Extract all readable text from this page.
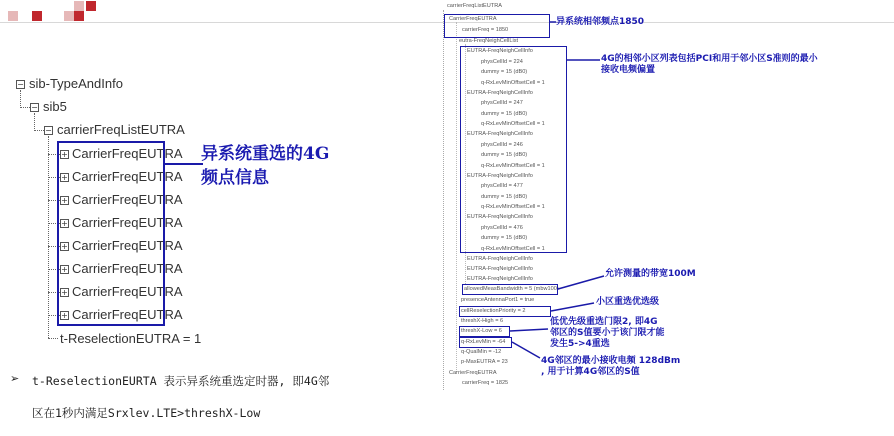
− sib-TypeAndInfo
− sib5
− carrierFreqListEUTRA
+ CarrierFreqEUTRA
+ CarrierFreqEUTRA
+ CarrierFreqEUTRA
+ CarrierFreqEUTRA
+ CarrierFreqEUTRA
+ CarrierFreqEUTRA
+ CarrierFreqEUTRA
+ CarrierFreqEUTRA
t-ReselectionEUTRA = 1
异系统重选的4G
频点信息
➢ t-ReselectionEURTA 表示异系统重选定时器, 即4G邻
区在1秒内满足Srxlev.LTE>threshX-Low
carrierFreqListEUTRA
CarrierFreqEUTRA
carrierFreq = 1850
eutra-FreqNeighCellList
EUTRA-FreqNeighCellInfo
physCellId = 224
dummy = 15 (dB0)
q-RxLevMinOffsetCell = 1
EUTRA-FreqNeighCellInfo
physCellId = 247
dummy = 15 (dB0)
q-RxLevMinOffsetCell = 1
EUTRA-FreqNeighCellInfo
physCellId = 246
dummy = 15 (dB0)
q-RxLevMinOffsetCell = 1
EUTRA-FreqNeighCellInfo
physCellId = 477
dummy = 15 (dB0)
q-RxLevMinOffsetCell = 1
EUTRA-FreqNeighCellInfo
physCellId = 476
dummy = 15 (dB0)
q-RxLevMinOffsetCell = 1
EUTRA-FreqNeighCellInfo
EUTRA-FreqNeighCellInfo
EUTRA-FreqNeighCellInfo
allowedMeasBandwidth = 5 (mbw100)
presenceAntennaPort1 = true
cellReselectionPriority = 2
threshX-High = 6
threshX-Low = 6
q-RxLevMin = -64
q-QualMin = -12
p-MaxEUTRA = 23
CarrierFreqEUTRA
carrierFreq = 1825
异系统相邻频点1850
4G的相邻小区列表包括PCI和用于邻小区S准则的最小
接收电频偏置
允许测量的带宽100M
小区重选优选级
低优先级重选门限2, 即4G
邻区的S值要小于该门限才能
发生5->4重选
4G邻区的最小接收电频 128dBm
, 用于计算4G邻区的S值
